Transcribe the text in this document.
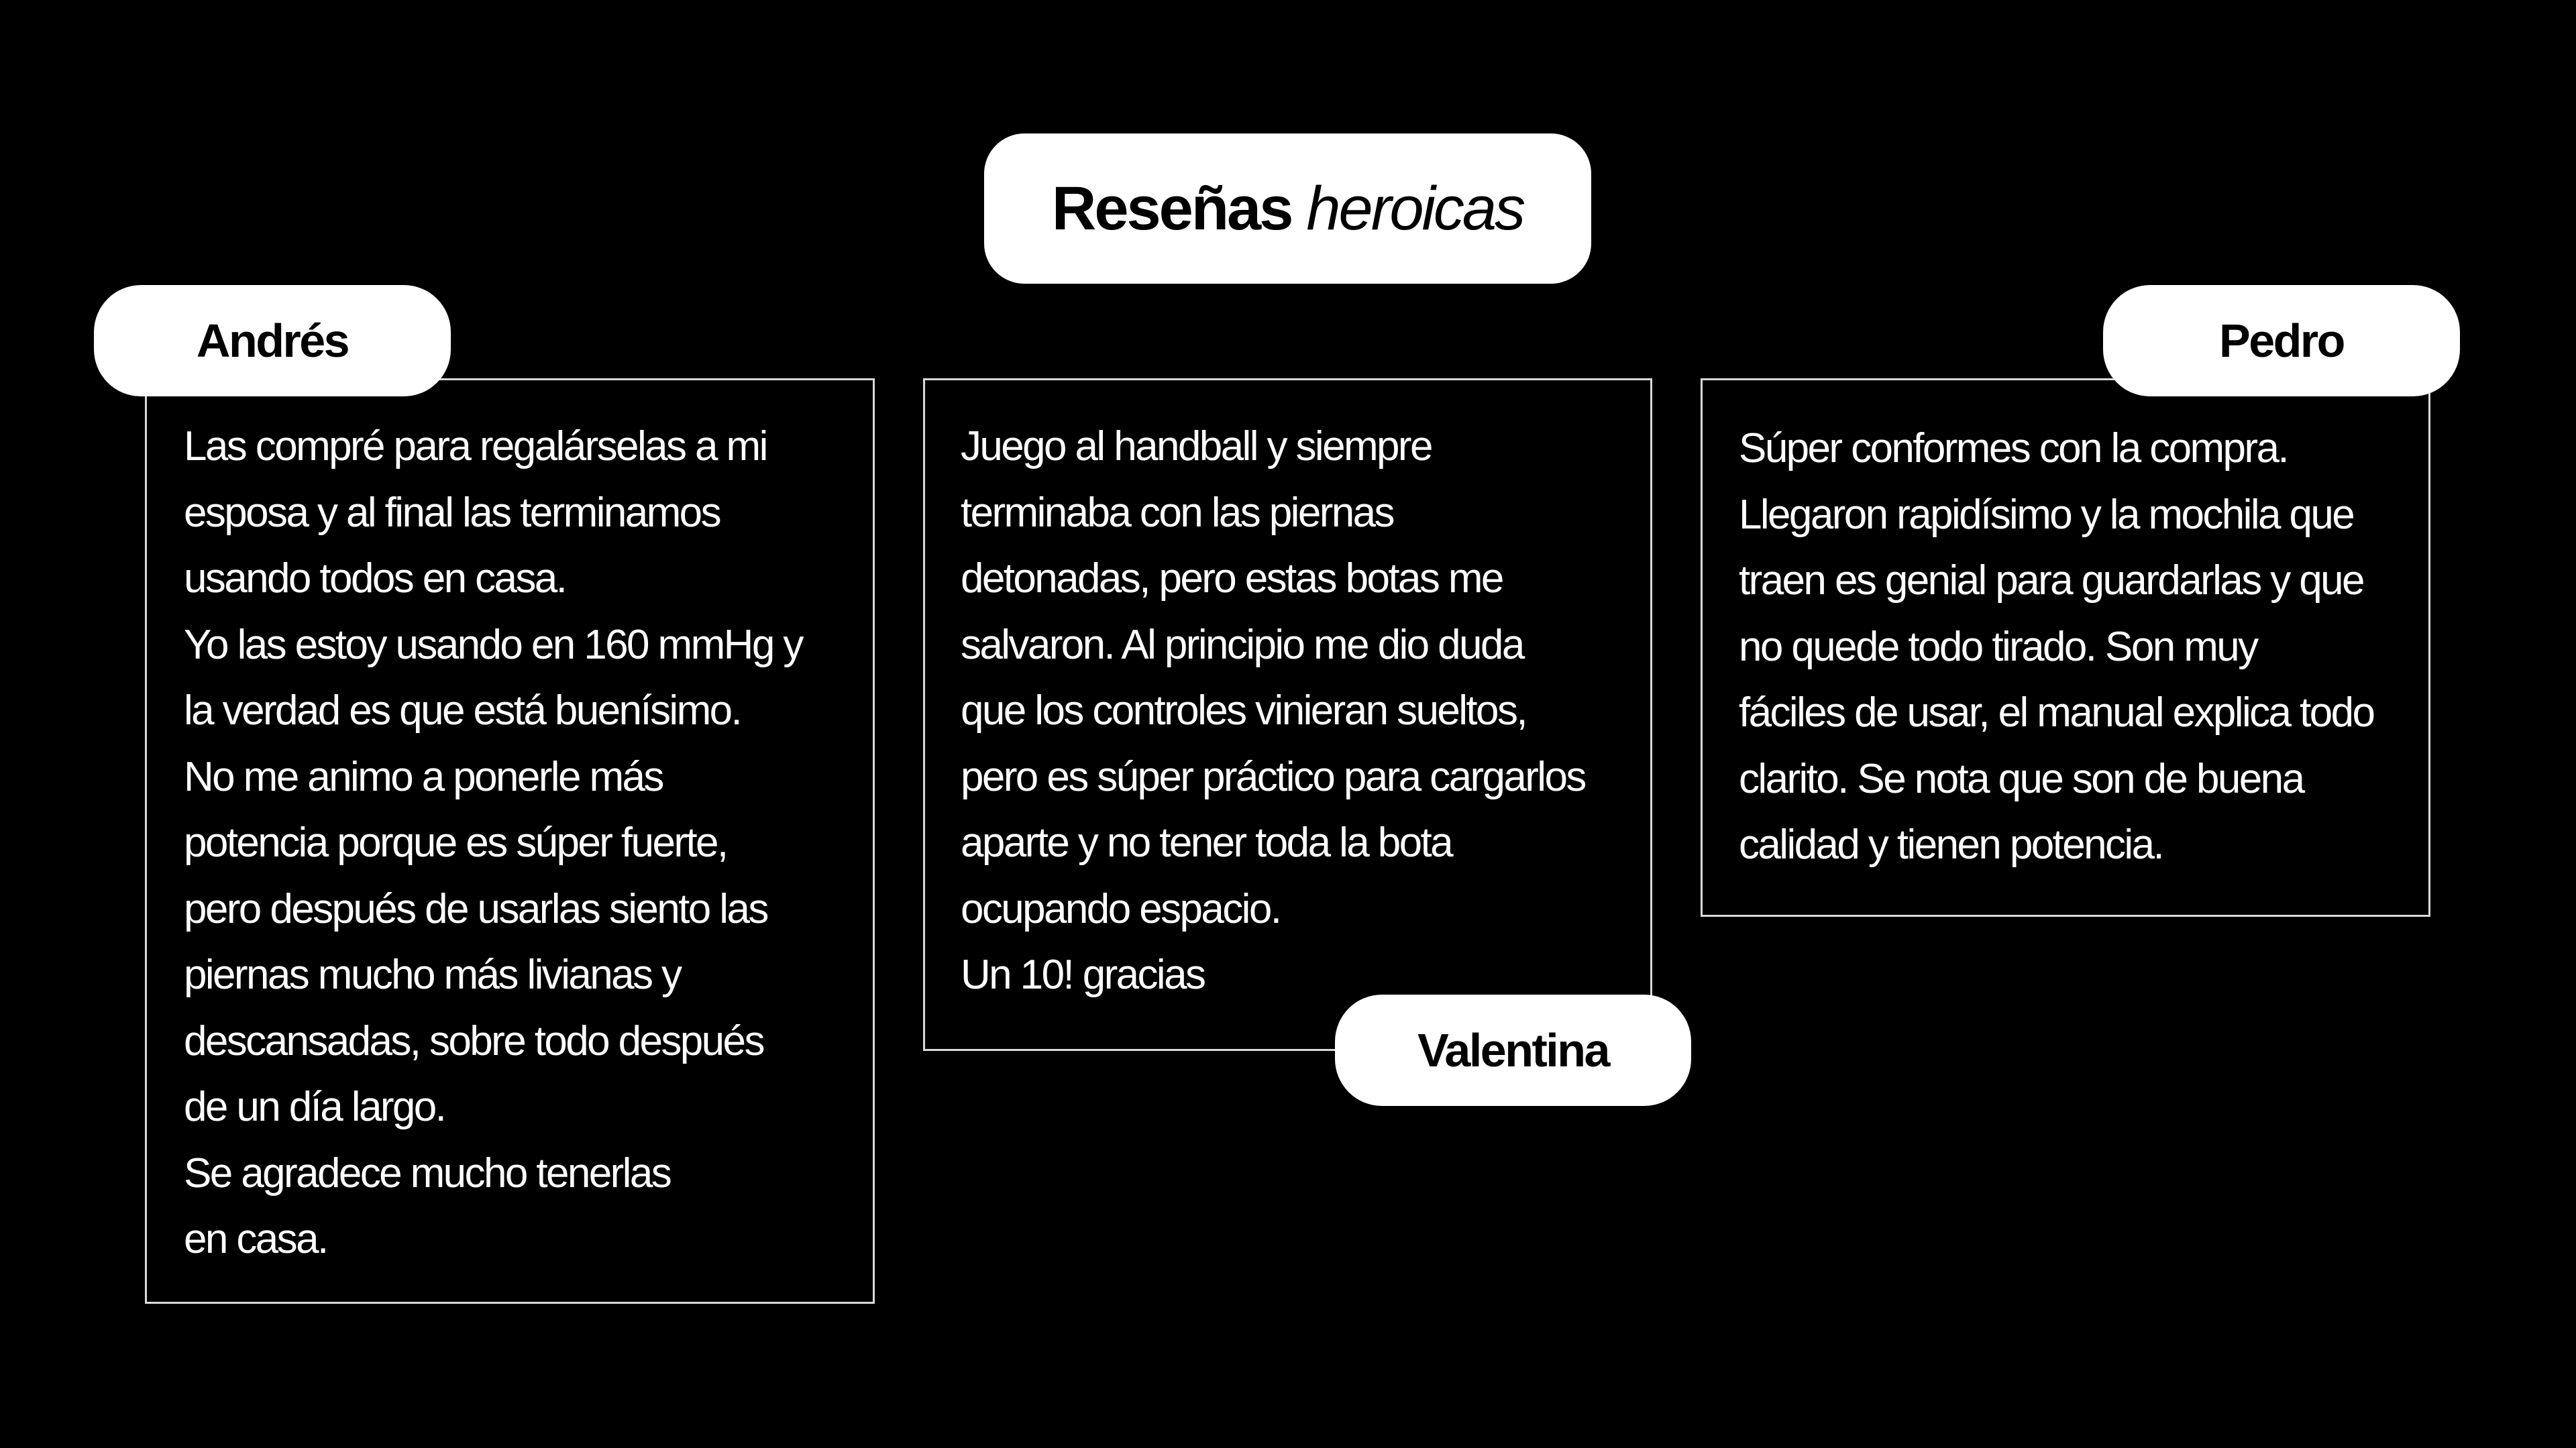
Reseñas heroicas
Las compré para regalárselas a mi
esposa y al final las terminamos
usando todos en casa.
Yo las estoy usando en 160 mmHg y
la verdad es que está buenísimo.
No me animo a ponerle más
potencia porque es súper fuerte,
pero después de usarlas siento las
piernas mucho más livianas y
descansadas, sobre todo después
de un día largo.
Se agradece mucho tenerlas
en casa.
Andrés
Juego al handball y siempre
terminaba con las piernas
detonadas, pero estas botas me
salvaron. Al principio me dio duda
que los controles vinieran sueltos,
pero es súper práctico para cargarlos
aparte y no tener toda la bota
ocupando espacio.
Un 10! gracias
Valentina
Súper conformes con la compra.
Llegaron rapidísimo y la mochila que
traen es genial para guardarlas y que
no quede todo tirado. Son muy
fáciles de usar, el manual explica todo
clarito. Se nota que son de buena
calidad y tienen potencia.
Pedro
